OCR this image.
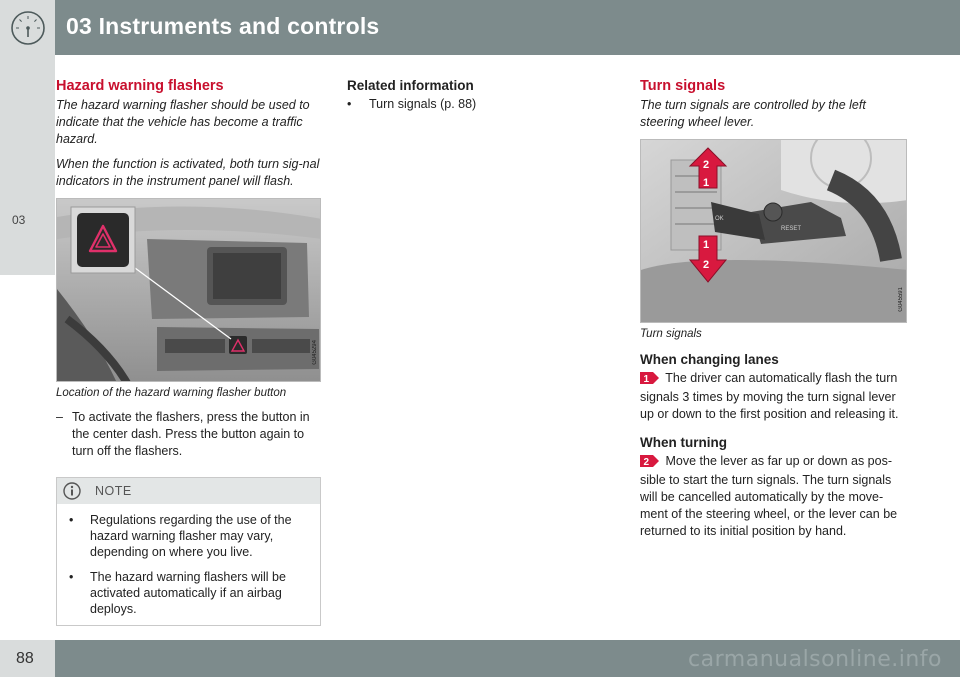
03 Instruments and controls
03
Hazard warning flashers

The hazard warning flasher should be used to indicate that the vehicle has become a traffic hazard.

When the function is activated, both turn sig-nal indicators in the instrument panel will flash.

G045294
Location of the hazard warning flasher button
– To activate the flashers, press the button in the center dash. Press the button again to turn off the flashers.
NOTE
•	Regulations regarding the use of the hazard warning flasher may vary, depending on where you live.
•	The hazard warning flashers will be activated automatically if an airbag deploys.
Related information
•	Turn signals (p. 88)
Turn signals

The turn signals are controlled by the left steering wheel lever.

OK
RESET
1
2
1
2
G045591
Turn signals
When changing lanes

1 The driver can automatically flash the turn signals 3 times by moving the turn signal lever up or down to the first position and releasing it.

When turning

2 Move the lever as far up or down as pos-sible to start the turn signals. The turn signals will be cancelled automatically by the move-ment of the steering wheel, or the lever can be returned to its initial position by hand.

88	carmanualsonline.info
